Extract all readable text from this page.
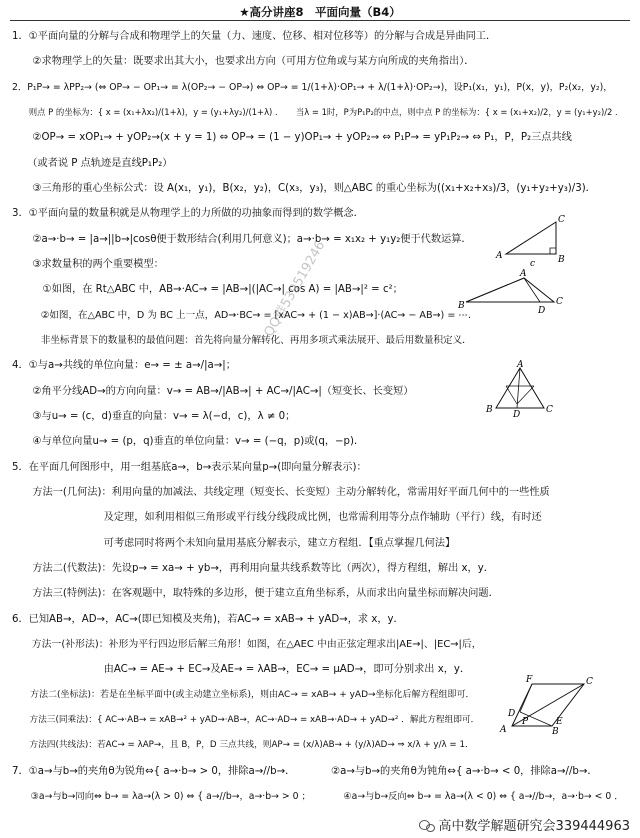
★高分讲座8　平面向量（B4）
1．①平面向量的分解与合成和物理学上的矢量（力、速度、位移、相对位移等）的分解与合成是异曲同工．
　　②求物理学上的矢量：既要求出其大小，也要求出方向（可用方位角或与某方向所成的夹角指出）．
2．P₁P→ = λPP₂→ (⇔ OP→ − OP₁→ = λ(OP₂→ − OP→) ⇔ OP→ = 1/(1+λ)·OP₁→ + λ/(1+λ)·OP₂→)，设P₁(x₁，y₁)，P(x，y)，P₂(x₂，y₂)，
　　则点 P 的坐标为：{ x = (x₁+λx₂)/(1+λ)，y = (y₁+λy₂)/(1+λ) ．　　当λ = 1时，P为P₁P₂的中点，则中点 P 的坐标为：{ x = (x₁+x₂)/2，y = (y₁+y₂)/2 ．
　　②OP→ = xOP₁→ + yOP₂→(x + y = 1) ⇔ OP→ = (1 − y)OP₁→ + yOP₂→ ⇔ P₁P→ = yP₁P₂→ ⇔ P₁，P，P₂三点共线
　　（或者说 P 点轨迹是直线P₁P₂）
　　③三角形的重心坐标公式：设 A(x₁，y₁)，B(x₂，y₂)，C(x₃，y₃)，则△ABC 的重心坐标为((x₁+x₂+x₃)/3，(y₁+y₂+y₃)/3)．
3．①平面向量的数量积就是从物理学上的力所做的功抽象而得到的数学概念．
　　②a→·b→ = |a→||b→|cosθ便于数形结合(利用几何意义)；a→·b→ = x₁x₂ + y₁y₂便于代数运算．
　　③求数量积的两个重要模型：
　　　①如图，在 Rt△ABC 中，AB→·AC→ = |AB→|(|AC→| cos A) = |AB→|² = c²；
　　　②如图，在△ABC 中，D 为 BC 上一点，AD→·BC→ = [xAC→ + (1 − x)AB→]·(AC→ − AB→) = ⋯．
　　　非坐标背景下的数量积的最值问题：首先将向量分解转化、再用多项式乘法展开、最后用数量积定义．
4．①与a→共线的单位向量：e→ = ± a→/|a→|；
　　②角平分线AD→的方向向量：v→ = AB→/|AB→| + AC→/|AC→|（短变长、长变短）
　　③与u→ = (c，d)垂直的向量：v→ = λ(−d，c)，λ ≠ 0；
　　④与单位向量u→ = (p，q)垂直的单位向量：v→ = (−q，p)或(q，−p)．
5．在平面几何图形中，用一组基底a→，b→表示某向量p→(即向量分解表示)：
　　方法一(几何法)：利用向量的加减法、共线定理（短变长、长变短）主动分解转化，常需用好平面几何中的一些性质
　　　　　　　　　及定理，如利用相似三角形或平行线分线段成比例，也常需利用等分点作辅助（平行）线，有时还
　　　　　　　　　可考虑同时将两个未知向量用基底分解表示，建立方程组．【重点掌握几何法】
　　方法二(代数法)：先设p→ = xa→ + yb→，再利用向量共线系数等比（两次），得方程组，解出 x，y．
　　方法三(特例法)：在客观题中，取特殊的多边形，便于建立直角坐标系，从而求出向量坐标而解决问题．
6．已知AB→，AD→，AC→(即已知模及夹角)，若AC→ = xAB→ + yAD→，求 x，y．
　　方法一(补形法)：补形为平行四边形后解三角形！如图，在△AEC 中由正弦定理求出|AE→|、|EC→|后，
　　　　　　　　　由AC→ = AE→ + EC→及AE→ = λAB→，EC→ = μAD→，即可分别求出 x，y．
　　方法二(坐标法)：若是在坐标平面中(或主动建立坐标系)，则由AC→ = xAB→ + yAD→坐标化后解方程组即可．
　　方法三(同乘法)：{ AC→·AB→ = xAB→² + yAD→·AB→，AC→·AD→ = xAB→·AD→ + yAD→² ．解此方程组即可．
　　方法四(共线法)：若AC→ = λAP→，且 B，P，D 三点共线，则AP→ = (x/λ)AB→ + (y/λ)AD→ ⇒ x/λ + y/λ = 1．
7．①a→与b→的夹角θ为锐角⇔{ a→·b→ > 0，排除a→//b→．　　　　②a→与b→的夹角θ为钝角⇔{ a→·b→ < 0，排除a→//b→．
　　③a→与b→同向⇔ b→ = λa→(λ > 0) ⇔ { a→//b→，a→·b→ > 0 ；　　　　④a→与b→反向⇔ b→ = λa→(λ < 0) ⇔ { a→//b→，a→·b→ < 0 ．
A	B
C
c
B
A
C
D
B
A
C
D
A	B
C
D
E
F
P
QQ群539519246
高中数学解题研究会339444963
